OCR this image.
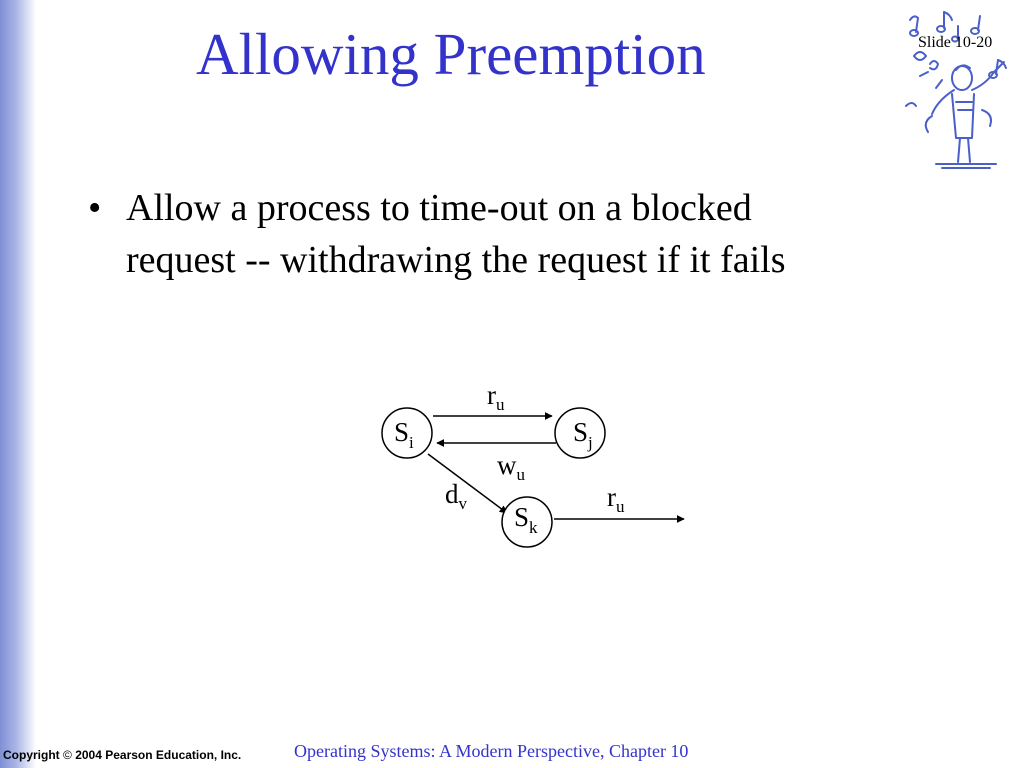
Allowing Preemption	Slide 10-20
• Allow a process to time-out on a blocked
request -- withdrawing the request if it fails
$S_i$	$S_j$
$S_k$
$r_u$
$w_u$
$d_v$	$r_u$
Copyright © 2004 Pearson Education, Inc.	Operating Systems: A Modern Perspective, Chapter 10
